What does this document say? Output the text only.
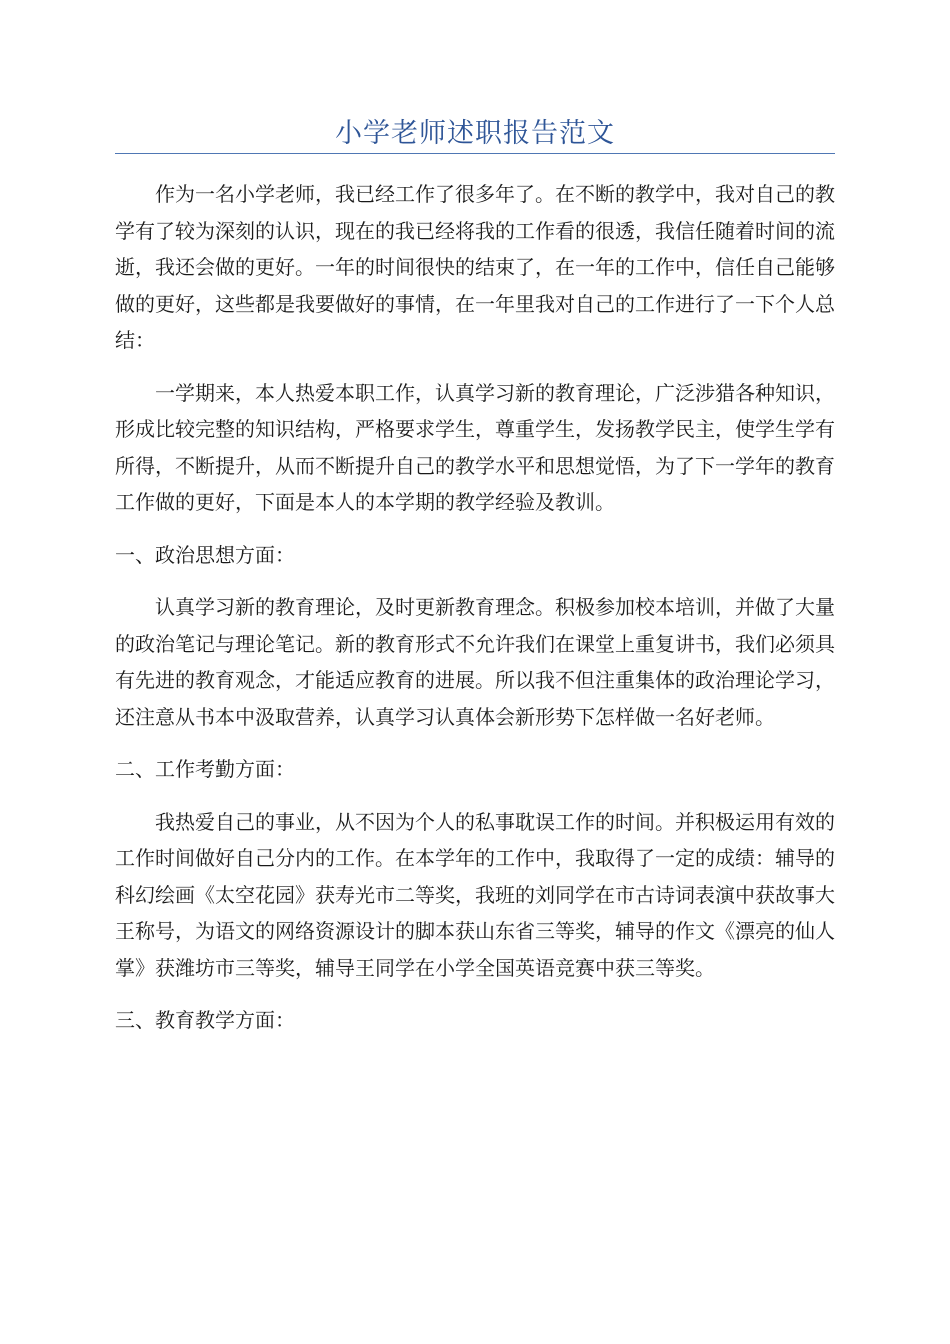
小学老师述职报告范文

作为一名小学老师，我已经工作了很多年了。在不断的教学中，我对自己的教学有了较为深刻的认识，现在的我已经将我的工作看的很透，我信任随着时间的流逝，我还会做的更好。一年的时间很快的结束了，在一年的工作中，信任自己能够做的更好，这些都是我要做好的事情，在一年里我对自己的工作进行了一下个人总结：

一学期来，本人热爱本职工作，认真学习新的教育理论，广泛涉猎各种知识，形成比较完整的知识结构，严格要求学生，尊重学生，发扬教学民主，使学生学有所得，不断提升，从而不断提升自己的教学水平和思想觉悟，为了下一学年的教育工作做的更好，下面是本人的本学期的教学经验及教训。

一、政治思想方面：

认真学习新的教育理论，及时更新教育理念。积极参加校本培训，并做了大量的政治笔记与理论笔记。新的教育形式不允许我们在课堂上重复讲书，我们必须具有先进的教育观念，才能适应教育的进展。所以我不但注重集体的政治理论学习，还注意从书本中汲取营养，认真学习认真体会新形势下怎样做一名好老师。

二、工作考勤方面：

我热爱自己的事业，从不因为个人的私事耽误工作的时间。并积极运用有效的工作时间做好自己分内的工作。在本学年的工作中，我取得了一定的成绩：辅导的科幻绘画《太空花园》获寿光市二等奖，我班的刘同学在市古诗词表演中获故事大王称号，为语文的网络资源设计的脚本获山东省三等奖，辅导的作文《漂亮的仙人掌》获潍坊市三等奖，辅导王同学在小学全国英语竞赛中获三等奖。

三、教育教学方面：
